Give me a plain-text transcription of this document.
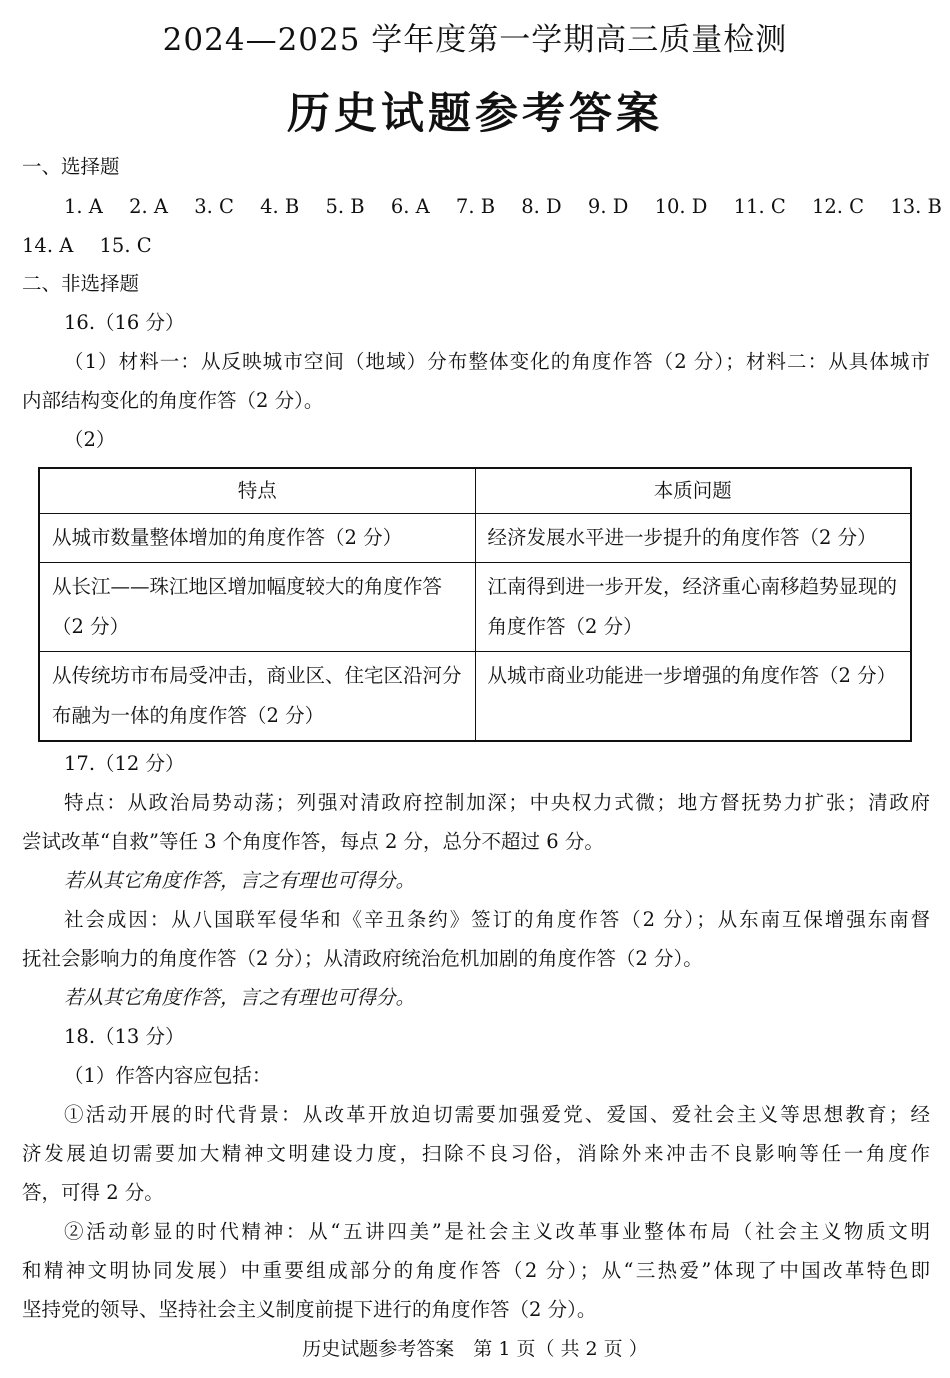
2024—2025 学年度第一学期高三质量检测
历史试题参考答案
一、选择题
1. A 2. A 3. C 4. B 5. B 6. A 7. B 8. D 9. D 10. D 11. C 12. C 13. B
14. A 15. C
二、非选择题
16.（16 分）
（1）材料一：从反映城市空间（地域）分布整体变化的角度作答（2 分）；材料二：从具体城市
内部结构变化的角度作答（2 分）。
（2）
特点	本质问题
从城市数量整体增加的角度作答（2 分）	经济发展水平进一步提升的角度作答（2 分）
从长江——珠江地区增加幅度较大的角度作答（2 分）	江南得到进一步开发，经济重心南移趋势显现的角度作答（2 分）
从传统坊市布局受冲击，商业区、住宅区沿河分布融为一体的角度作答（2 分）	从城市商业功能进一步增强的角度作答（2 分）
17.（12 分）
特点：从政治局势动荡；列强对清政府控制加深；中央权力式微；地方督抚势力扩张；清政府
尝试改革“自救”等任 3 个角度作答，每点 2 分，总分不超过 6 分。
若从其它角度作答，言之有理也可得分。
社会成因：从八国联军侵华和《辛丑条约》签订的角度作答（2 分）；从东南互保增强东南督
抚社会影响力的角度作答（2 分）；从清政府统治危机加剧的角度作答（2 分）。
若从其它角度作答，言之有理也可得分。
18.（13 分）
（1）作答内容应包括：
①活动开展的时代背景：从改革开放迫切需要加强爱党、爱国、爱社会主义等思想教育；经
济发展迫切需要加大精神文明建设力度，扫除不良习俗，消除外来冲击不良影响等任一角度作
答，可得 2 分。
②活动彰显的时代精神：从“五讲四美”是社会主义改革事业整体布局（社会主义物质文明
和精神文明协同发展）中重要组成部分的角度作答（2 分）；从“三热爱”体现了中国改革特色即
坚持党的领导、坚持社会主义制度前提下进行的角度作答（2 分）。
历史试题参考答案　第 1 页（ 共 2 页 ）
